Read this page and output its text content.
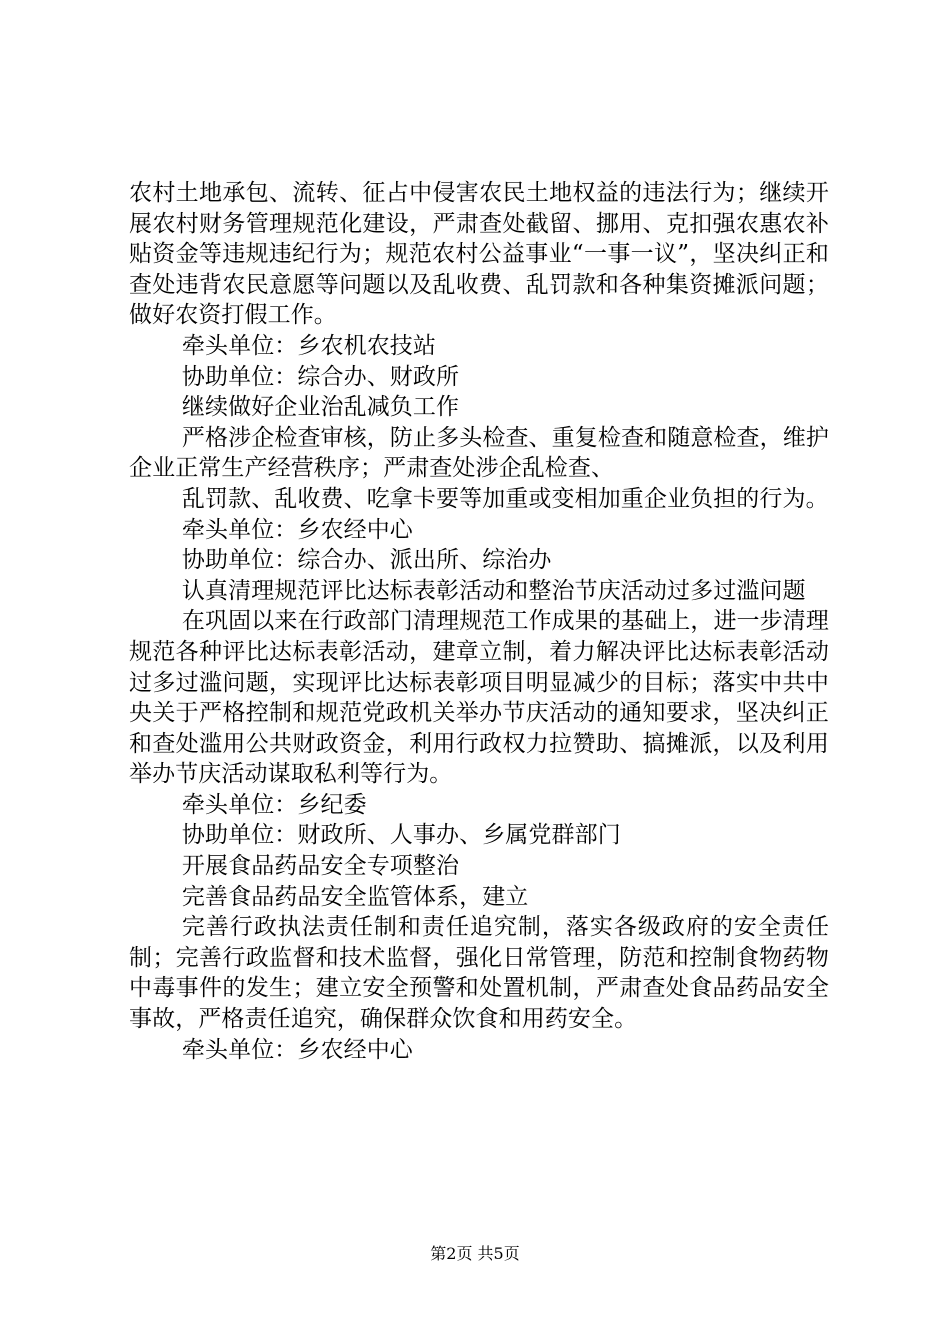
农村土地承包、流转、征占中侵害农民土地权益的违法行为；继续开展农村财务管理规范化建设，严肃查处截留、挪用、克扣强农惠农补贴资金等违规违纪行为；规范农村公益事业“一事一议”，坚决纠正和查处违背农民意愿等问题以及乱收费、乱罚款和各种集资摊派问题；做好农资打假工作。

牵头单位：乡农机农技站

协助单位：综合办、财政所

继续做好企业治乱减负工作

严格涉企检查审核，防止多头检查、重复检查和随意检查，维护企业正常生产经营秩序；严肃查处涉企乱检查、

乱罚款、乱收费、吃拿卡要等加重或变相加重企业负担的行为。

牵头单位：乡农经中心

协助单位：综合办、派出所、综治办

认真清理规范评比达标表彰活动和整治节庆活动过多过滥问题

在巩固以来在行政部门清理规范工作成果的基础上，进一步清理规范各种评比达标表彰活动，建章立制，着力解决评比达标表彰活动过多过滥问题，实现评比达标表彰项目明显减少的目标；落实中共中央关于严格控制和规范党政机关举办节庆活动的通知要求，坚决纠正和查处滥用公共财政资金，利用行政权力拉赞助、搞摊派，以及利用举办节庆活动谋取私利等行为。

牵头单位：乡纪委

协助单位：财政所、人事办、乡属党群部门

开展食品药品安全专项整治

完善食品药品安全监管体系，建立

完善行政执法责任制和责任追究制，落实各级政府的安全责任制；完善行政监督和技术监督，强化日常管理，防范和控制食物药物中毒事件的发生；建立安全预警和处置机制，严肃查处食品药品安全事故，严格责任追究，确保群众饮食和用药安全。

牵头单位：乡农经中心

第2页 共5页
